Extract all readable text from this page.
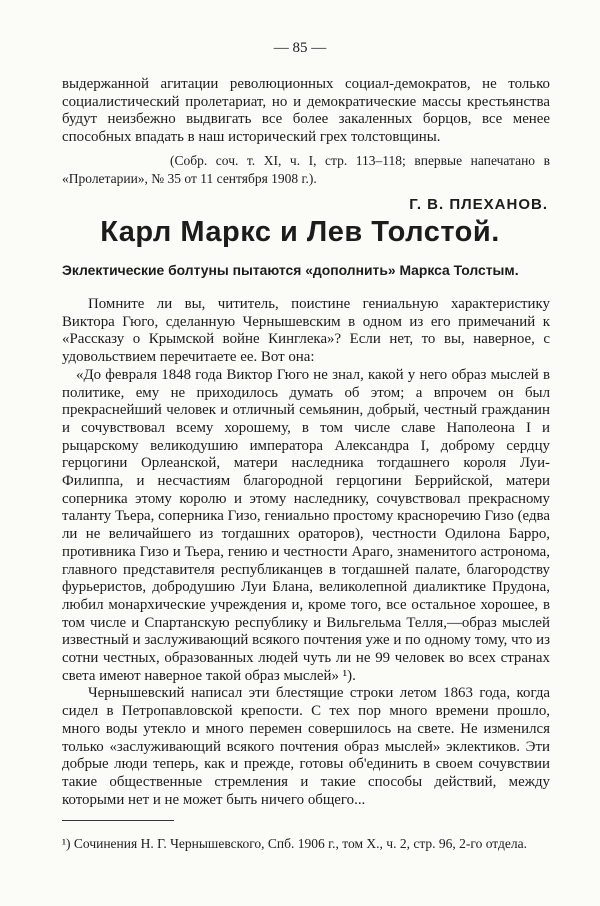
— 85 —

выдержанной агитации революционных социал-демократов, не только социалистический пролетариат, но и демократические массы крестьянства будут неизбежно выдвигать все более закаленных борцов, все менее способных впадать в наш исторический грех толстовщины.

(Собр. соч. т. XI, ч. I, стр. 113–118; впервые напечатано в «Пролетарии», № 35 от 11 сентября 1908 г.).

Г. В. ПЛЕХАНОВ.
Карл Маркс и Лев Толстой.
Эклектические болтуны пытаются «дополнить» Маркса Толстым.

Помните ли вы, чититель, поистине гениальную характеристику Виктора Гюго, сделанную Чернышевским в одном из его примечаний к «Рассказу о Крымской войне Кинглека»? Если нет, то вы, наверное, с удовольствием перечитаете ее. Вот она:

«До февраля 1848 года Виктор Гюго не знал, какой у него образ мыслей в политике, ему не приходилось думать об этом; а впрочем он был прекраснейший человек и отличный семьянин, добрый, честный гражданин и сочувствовал всему хорошему, в том числе славе Наполеона I и рыцарскому великодушию императора Александра I, доброму сердцу герцогини Орлеанской, матери наследника тогдашнего короля Луи-Филиппа, и несчастиям благородной герцогини Беррийской, матери соперника этому королю и этому наследнику, сочувствовал прекрасному таланту Тьера, соперника Гизо, гениально простому красноречию Гизо (едва ли не величайшего из тогдашних ораторов), честности Одилона Барро, противника Гизо и Тьера, гению и честности Араго, знаменитого астронома, главного представителя республиканцев в тогдашней палате, благородству фурьеристов, добродушию Луи Блана, великолепной диаликтике Прудона, любил монархические учреждения и, кроме того, все остальное хорошее, в том числе и Спартанскую республику и Вильгельма Телля,—образ мыслей известный и заслуживающий всякого почтения уже и по одному тому, что из сотни честных, образованных людей чуть ли не 99 человек во всех странах света имеют наверное такой образ мыслей» ¹).

Чернышевский написал эти блестящие строки летом 1863 года, когда сидел в Петропавловской крепости. С тех пор много времени прошло, много воды утекло и много перемен совершилось на свете. Не изменился только «заслуживающий всякого почтения образ мыслей» эклектиков. Эти добрые люди теперь, как и прежде, готовы об'единить в своем сочувствии такие общественные стремления и такие способы действий, между которыми нет и не может быть ничего общего...

¹) Сочинения Н. Г. Чернышевского, Спб. 1906 г., том X., ч. 2, стр. 96, 2-го отдела.
